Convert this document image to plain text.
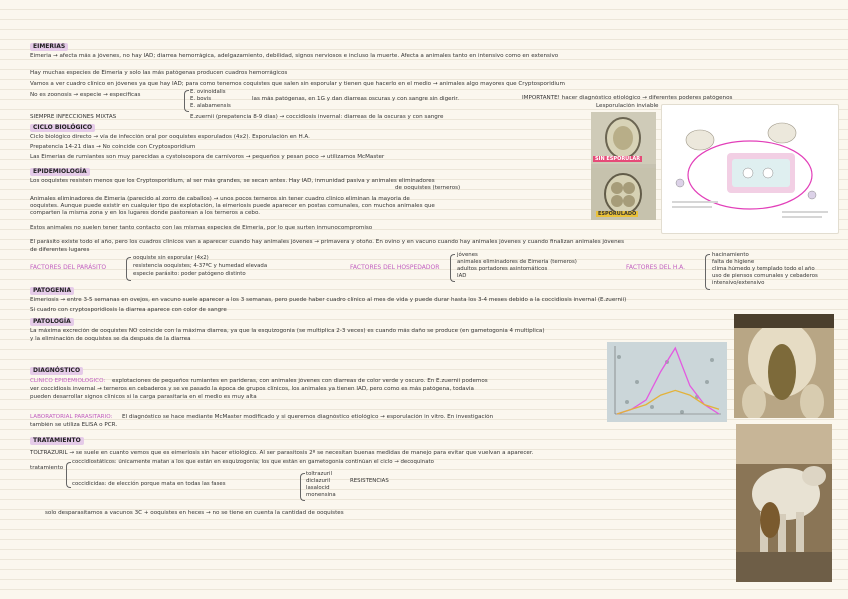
EIMERIAS
Eimeria → afecta más a jóvenes, no hay IAD; diarrea hemorrágica, adelgazamiento, debilidad, signos nerviosos e incluso la muerte. Afecta a animales tanto en intensivo como en extensivo
Hay muchas especies de Eimeria y solo las más patógenas producen cuadros hemorrágicos
Vamos a ver cuadro clínico en jóvenes ya que hay IAD; para como tenemos coquistes que salen sin esporular y tienen que hacerlo en el medio → animales algo mayores que Cryptosporidium
No es zoonosis → especie → especificas	E. ovinoidalis
E. bovis
E. alabamensis
las más patógenas, en 1G y dan diarreas oscuras y con sangre sin digerir.	IMPORTANTE! hacer diagnóstico etiológico → diferentes poderes patógenos
Lesporulación inviable
SIEMPRE INFECCIONES MIXTAS	E.zuernii (prepatencia 8-9 días) → coccidiosis invernal: diarreas de la oscuras y con sangre
CICLO BIOLÓGICO
Ciclo biológico directo → vía de infección oral por ooquistes esporulados (4x2). Esporulación en H.A.
Prepatencia 14-21 días → No coincide con Cryptosporidium
Las Eimerias de rumiantes son muy parecidas a cystoisospora de carnívoros → pequeños y pesan poco → utilizamos McMaster
EPIDEMIOLOGÍA
Los ooquistes resisten menos que los Cryptosporidium, al ser más grandes, se secan antes. Hay IAD, inmunidad pasiva y animales eliminadores
de ooquistes (terneros)
Animales eliminadores de Eimeria (parecido al zorro de caballos) → unos pocos terneros sin tener cuadro clínico eliminan la mayoria de
ooquistes. Aunque puede existir en cualquier tipo de explotación, la eimeriosis puede aparecer en postas comunales, con muchos animales que
comparten la misma zona y en los lugares donde pastorean a los terneros a cebo.
Estos animales no suelen tener tanto contacto con las mismas especies de Eimeria, por lo que surten inmunocompromiso
El parásito existe todo el año, pero los cuadros clínicos van a aparecer cuando hay animales jóvenes → primavera y otoño. En ovino y en vacuno cuando hay animales jóvenes y cuando finalizan animales jóvenes
de diferentes lugares
FACTORES DEL PARÁSITO
ooquiste sin esporular (4x2)
resistencia ooquistes; 4-37ºC y humedad elevada
especie parásito: poder patógeno distinto
FACTORES DEL HOSPEDADOR
jóvenes
animales eliminadores de Eimeria (terneros)
adultos portadores asintomáticos
IAD
FACTORES DEL H.A.
hacinamiento
falta de higiene
clima húmedo y templado todo el año
uso de piensos comunales y cebaderos
intensivo/extensivo
PATOGENIA
Eimeriosis → entre 3-5 semanas en ovejos, en vacuno suele aparecer a los 3 semanas, pero puede haber cuadro clínico al mes de vida y puede durar hasta los 3-4 meses debido a la coccidiosis invernal (E.zuernii)
Si cuadro con cryptosporidiosis la diarrea aparece con color de sangre
PATOLOGÍA
La máxima excreción de ooquistes NO coincide con la máxima diarrea, ya que la esquizogonia (se multiplica 2-3 veces) es cuando más daño se produce (en gametogonia 4 multiplica)
y la eliminación de ooquistes se da después de la diarrea
DIAGNÓSTICO
CLÍNICO EPIDEMIOLÓGICO: explotaciones de pequeños rumiantes en parideras, con animales jóvenes con diarreas de color verde y oscuro. En E.zuernii podemos
ver coccidiosis invernal → terneros en cebaderos y se ve pasado la época de grupos clínicos, los animales ya tienen IAD, pero como es más patógena, todavía
pueden desarrollar signos clínicos si la carga parasitaria en el medio es muy alta
LABORATORIAL PARASITARIO: El diagnóstico se hace mediante McMaster modificado y si queremos diagnóstico etiológico → esporulación in vitro. En investigación
también se utiliza ELISA o PCR.
TRATAMIENTO
TOLTRAZURIL → se suele en cuanto vemos que es eimeriosis sin hacer etiológico. Al ser parasitosis 2º se necesitan buenas medidas de manejo para evitar que vuelvan a aparecer.
tratamiento
coccidiostáticos: únicamente matan a los que están en esquizogonia; los que están en gametogonia continúan el ciclo → decoquinato
coccidicidas: de elección porque mata en todas las fases
toltrazuril
diclazuril
lasalocid
monensina
RESISTENCIAS
solo desparasitamos a vacunos 3C + ooquistes en heces → no se tiene en cuenta la cantidad de ooquistes
SIN ESPORULAR
ESPORULADO
